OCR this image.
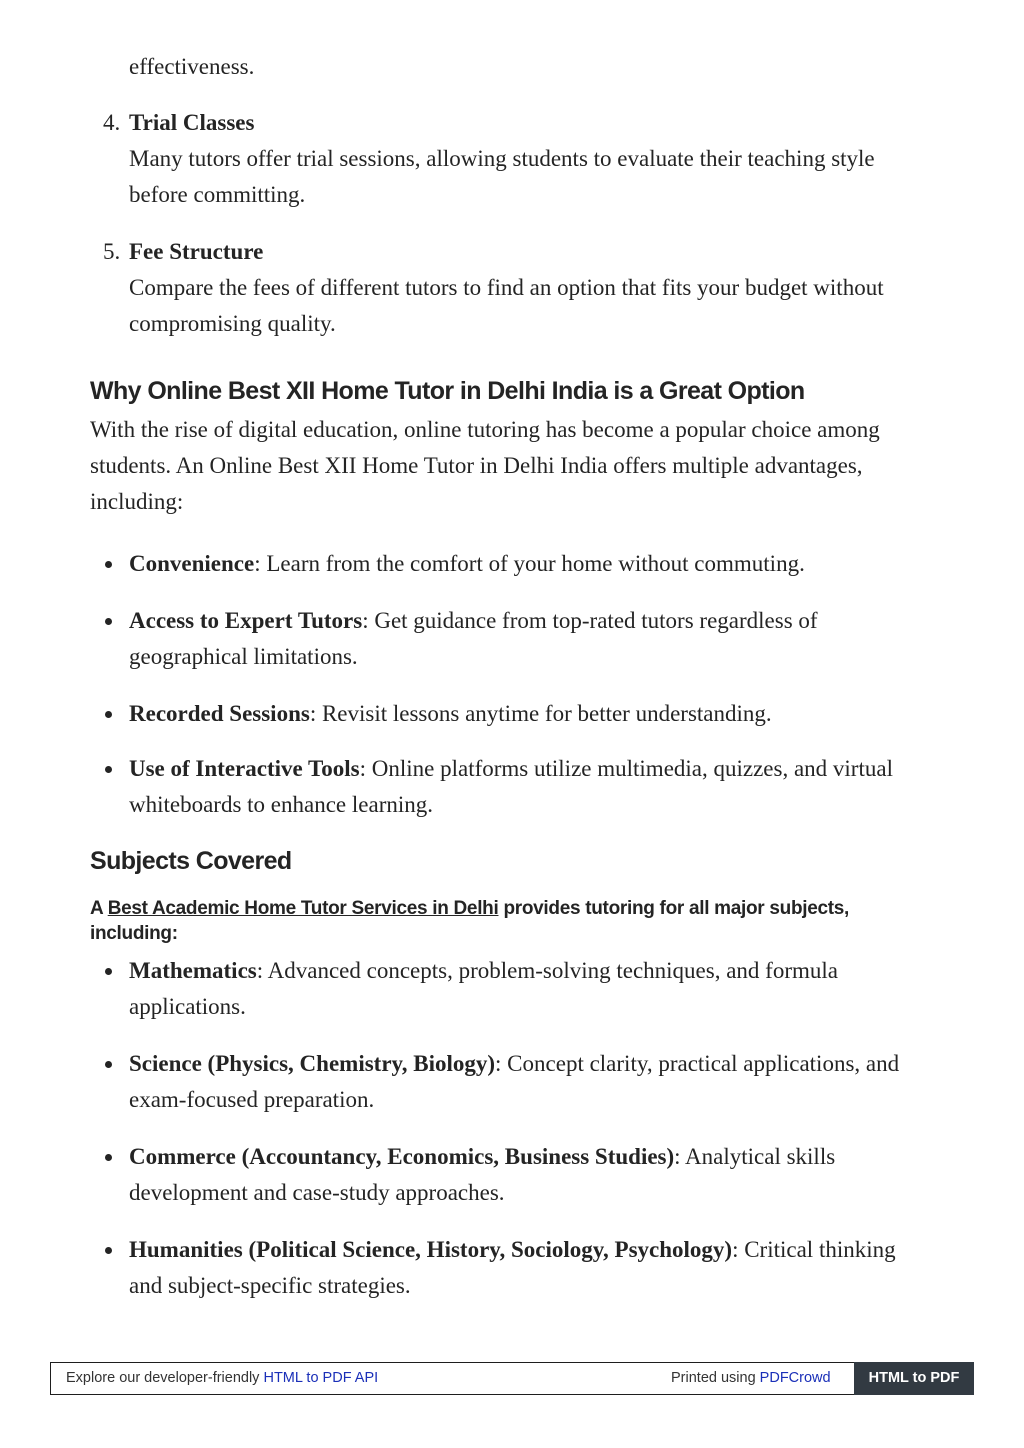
effectiveness.
4. Trial Classes
Many tutors offer trial sessions, allowing students to evaluate their teaching style before committing.
5. Fee Structure
Compare the fees of different tutors to find an option that fits your budget without compromising quality.
Why Online Best XII Home Tutor in Delhi India is a Great Option
With the rise of digital education, online tutoring has become a popular choice among students. An Online Best XII Home Tutor in Delhi India offers multiple advantages, including:
Convenience: Learn from the comfort of your home without commuting.
Access to Expert Tutors: Get guidance from top-rated tutors regardless of geographical limitations.
Recorded Sessions: Revisit lessons anytime for better understanding.
Use of Interactive Tools: Online platforms utilize multimedia, quizzes, and virtual whiteboards to enhance learning.
Subjects Covered

A Best Academic Home Tutor Services in Delhi provides tutoring for all major subjects, including:

Mathematics: Advanced concepts, problem-solving techniques, and formula applications.
Science (Physics, Chemistry, Biology): Concept clarity, practical applications, and exam-focused preparation.
Commerce (Accountancy, Economics, Business Studies): Analytical skills development and case-study approaches.
Humanities (Political Science, History, Sociology, Psychology): Critical thinking and subject-specific strategies.
Explore our developer-friendly HTML to PDF API	Printed using PDFCrowd	HTML to PDF
